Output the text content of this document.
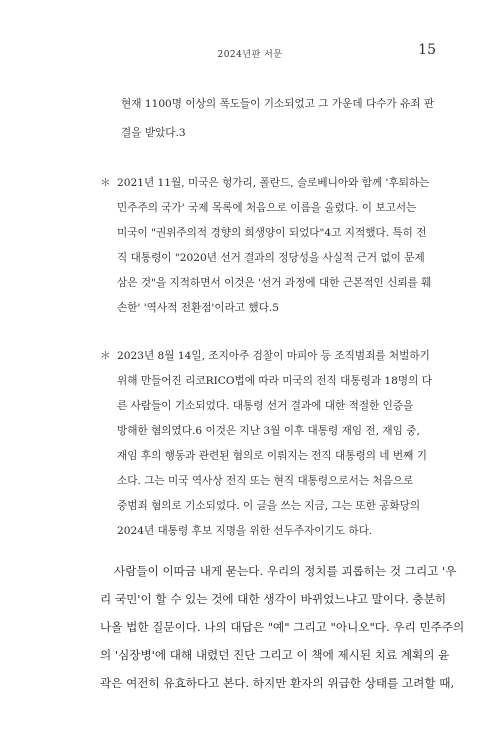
2024년판 서문	15
현재 1100명 이상의 폭도들이 기소되었고 그 가운데 다수가 유죄 판
결을 받았다.3
＊ 2021년 11월, 미국은 헝가리, 폴란드, 슬로베니아와 함께 '후퇴하는
민주주의 국가' 국제 목록에 처음으로 이름을 올렸다. 이 보고서는
미국이 "권위주의적 경향의 희생양이 되었다"4고 지적했다. 특히 전
직 대통령이 "2020년 선거 결과의 정당성을 사실적 근거 없이 문제
삼은 것"을 지적하면서 이것은 '선거 과정에 대한 근본적인 신뢰를 훼
손한' '역사적 전환점'이라고 했다.5
＊ 2023년 8월 14일, 조지아주 검찰이 마피아 등 조직범죄를 처벌하기
위해 만들어진 리코RICO법에 따라 미국의 전직 대통령과 18명의 다
른 사람들이 기소되었다. 대통령 선거 결과에 대한 적절한 인증을
방해한 혐의였다.6 이것은 지난 3월 이후 대통령 재임 전, 재임 중,
재임 후의 행동과 관련된 혐의로 이뤄지는 전직 대통령의 네 번째 기
소다. 그는 미국 역사상 전직 또는 현직 대통령으로서는 처음으로
중범죄 혐의로 기소되었다. 이 글을 쓰는 지금, 그는 또한 공화당의
2024년 대통령 후보 지명을 위한 선두주자이기도 하다.
사람들이 이따금 내게 묻는다. 우리의 정치를 괴롭히는 것 그리고 '우
리 국민'이 할 수 있는 것에 대한 생각이 바뀌었느냐고 말이다. 충분히
나올 법한 질문이다. 나의 대답은 "예" 그리고 "아니오"다. 우리 민주주의
의 '심장병'에 대해 내렸던 진단 그리고 이 책에 제시된 치료 계획의 윤
곽은 여전히 유효하다고 본다. 하지만 환자의 위급한 상태를 고려할 때,
